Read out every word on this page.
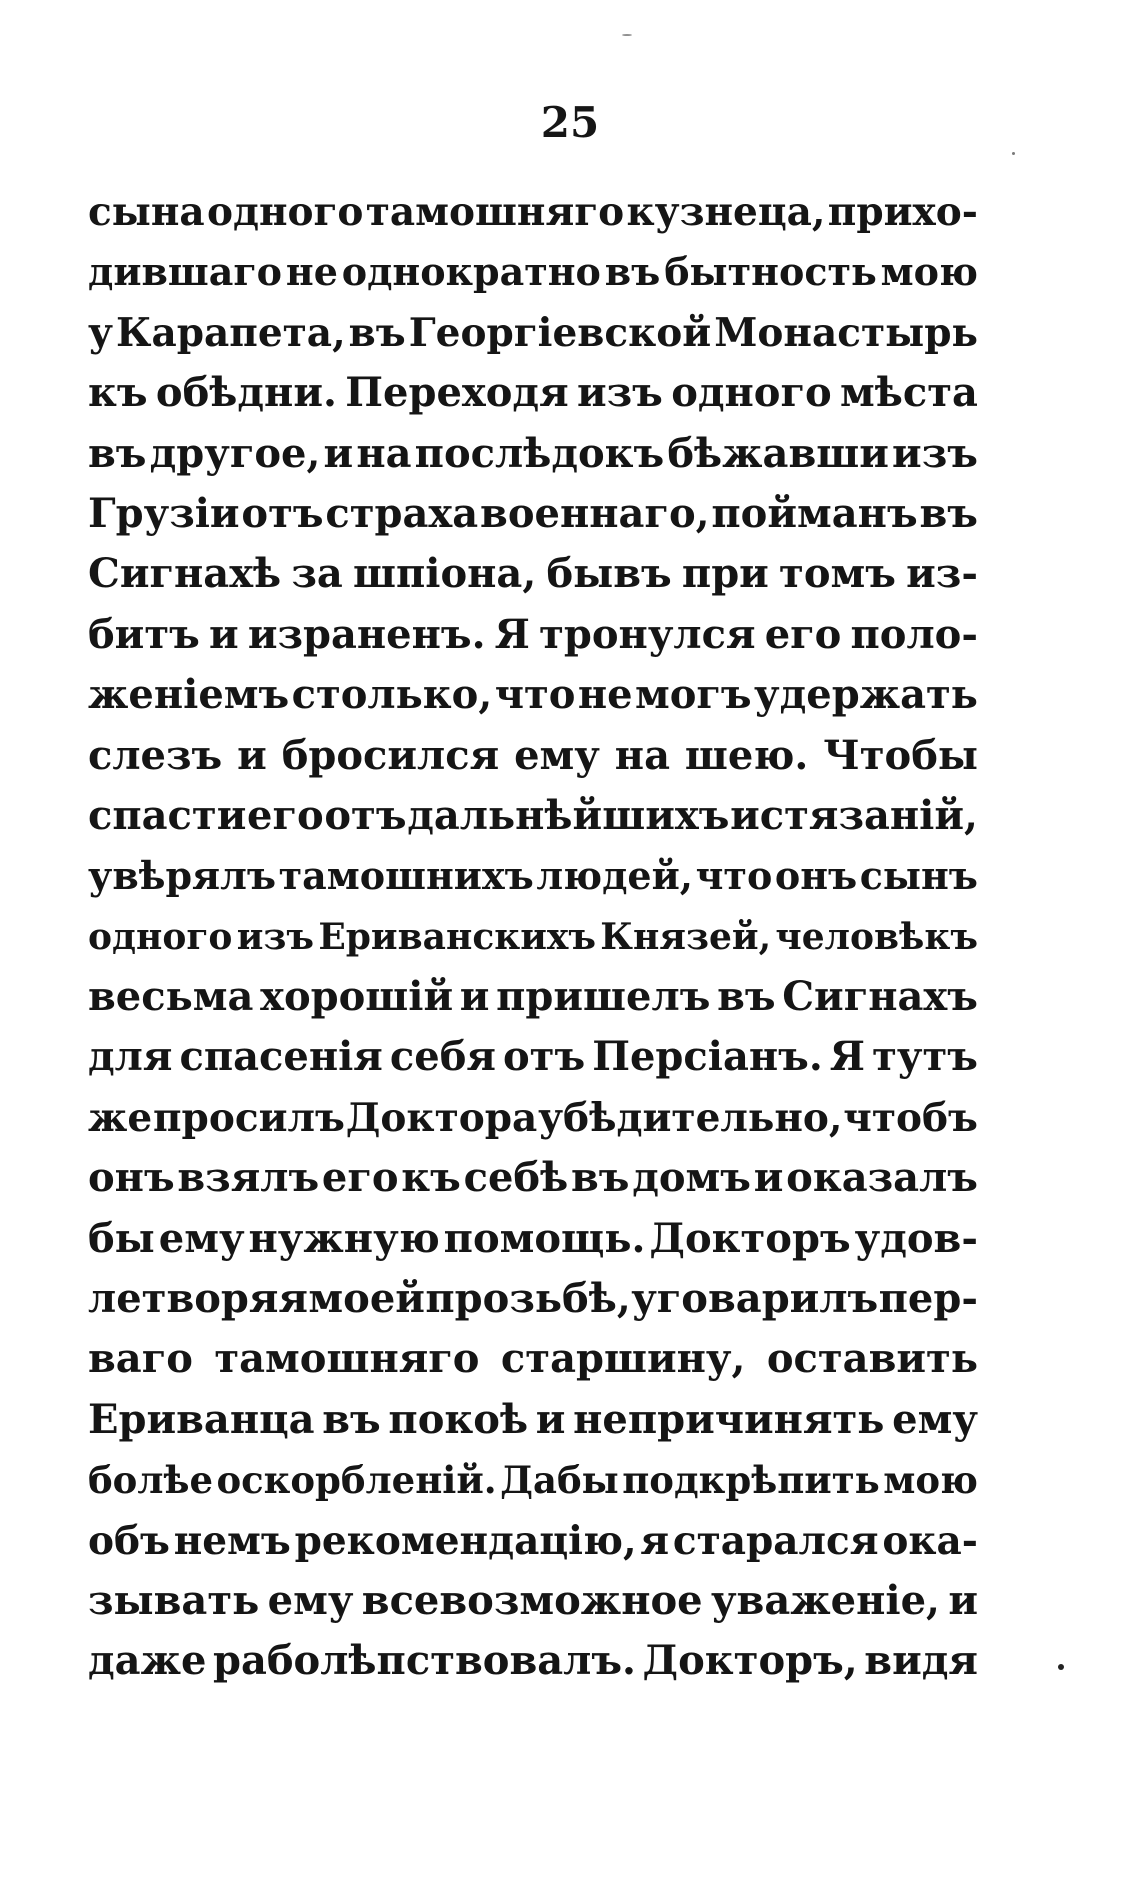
25
сына одного тамошняго кузнеца, прихо-
дившаго не однократно въ бытность мою
у Карапета, въ Георгіевской Монастырь
къ обѣдни. Переходя изъ одного мѣста
въ другое, и на послѣдокъ бѣжавши изъ
Грузіи отъ страха военнаго, пойманъ въ
Сигнахѣ за шпіона, бывъ при томъ из-
битъ и израненъ. Я тронулся его поло-
женіемъ столько, что не могъ удержать
слезъ и бросился ему на шею. Чтобы
спасти его отъ дальнѣйшихъ истязаній,
увѣрялъ тамошнихъ людей, что онъ сынъ
одного изъ Ериванскихъ Князей, человѣкъ
весьма хорошій и пришелъ въ Сигнахъ
для спасенія себя отъ Персіанъ. Я тутъ
же просилъ Доктора убѣдительно, чтобъ
онъ взялъ его къ себѣ въ домъ и оказалъ
бы ему нужную помощь. Докторъ удов-
летворяя моей прозьбѣ, уговарилъ пер-
ваго тамошняго старшину, оставить
Ериванца въ покоѣ и непричинять ему
болѣе оскорбленій. Дабы подкрѣпить мою
объ немъ рекомендацію, я старался ока-
зывать ему всевозможное уваженіе, и
даже раболѣпствовалъ. Докторъ, видя
